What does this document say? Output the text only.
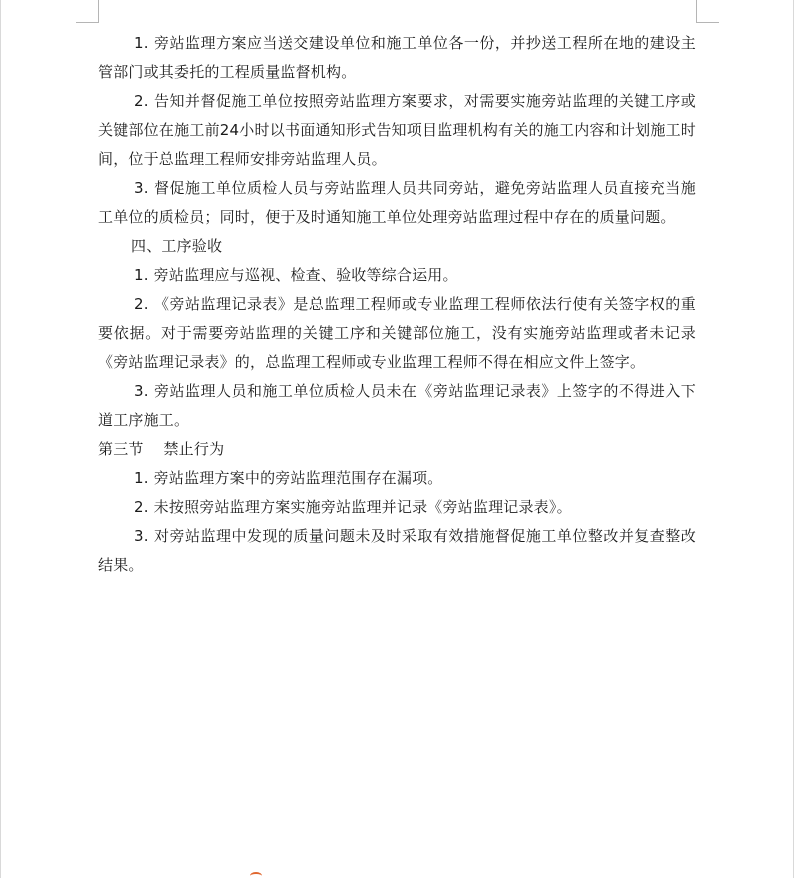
1. 旁站监理方案应当送交建设单位和施工单位各一份，并抄送工程所在地的建设主管部门或其委托的工程质量监督机构。

2. 告知并督促施工单位按照旁站监理方案要求，对需要实施旁站监理的关键工序或关键部位在施工前24小时以书面通知形式告知项目监理机构有关的施工内容和计划施工时间，位于总监理工程师安排旁站监理人员。

3. 督促施工单位质检人员与旁站监理人员共同旁站，避免旁站监理人员直接充当施工单位的质检员；同时，便于及时通知施工单位处理旁站监理过程中存在的质量问题。

四、工序验收

1. 旁站监理应与巡视、检查、验收等综合运用。

2. 《旁站监理记录表》是总监理工程师或专业监理工程师依法行使有关签字权的重要依据。对于需要旁站监理的关键工序和关键部位施工，没有实施旁站监理或者未记录《旁站监理记录表》的，总监理工程师或专业监理工程师不得在相应文件上签字。

3. 旁站监理人员和施工单位质检人员未在《旁站监理记录表》上签字的不得进入下道工序施工。

第三节    禁止行为

1. 旁站监理方案中的旁站监理范围存在漏项。

2. 未按照旁站监理方案实施旁站监理并记录《旁站监理记录表》。

3. 对旁站监理中发现的质量问题未及时采取有效措施督促施工单位整改并复查整改结果。
